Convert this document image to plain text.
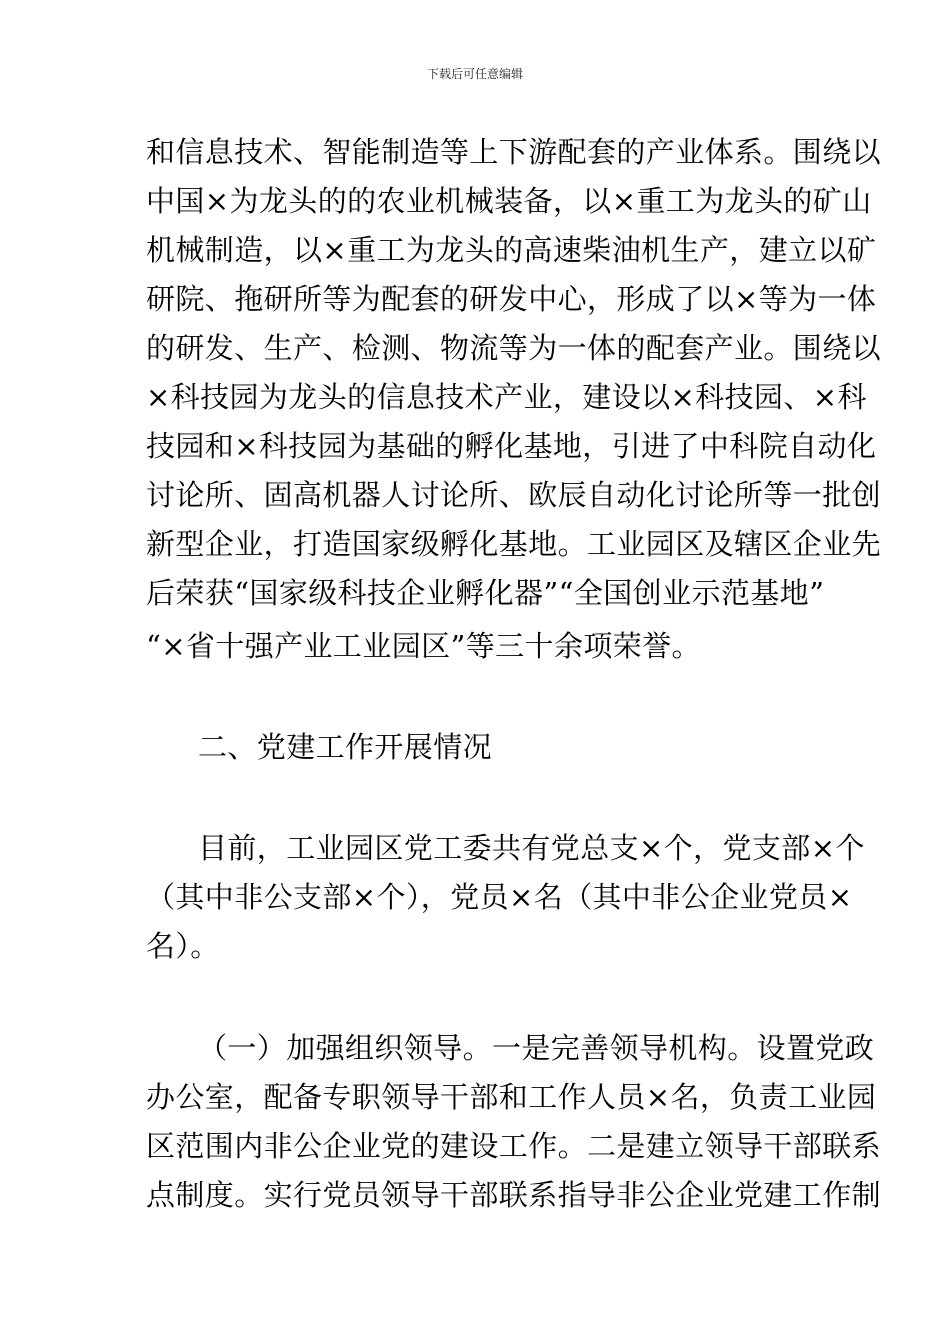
下载后可任意编辑
和信息技术、智能制造等上下游配套的产业体系。围绕以
中国×为龙头的的农业机械装备，以×重工为龙头的矿山
机械制造，以×重工为龙头的高速柴油机生产，建立以矿
研院、拖研所等为配套的研发中心，形成了以×等为一体
的研发、生产、检测、物流等为一体的配套产业。围绕以
×科技园为龙头的信息技术产业，建设以×科技园、×科
技园和×科技园为基础的孵化基地，引进了中科院自动化
讨论所、固高机器人讨论所、欧辰自动化讨论所等一批创
新型企业，打造国家级孵化基地。工业园区及辖区企业先
后荣获“国家级科技企业孵化器”“全国创业示范基地”
“×省十强产业工业园区”等三十余项荣誉。
二、党建工作开展情况
目前，工业园区党工委共有党总支×个，党支部×个
（其中非公支部×个），党员×名（其中非公企业党员×
名）。
（一）加强组织领导。一是完善领导机构。设置党政
办公室，配备专职领导干部和工作人员×名，负责工业园
区范围内非公企业党的建设工作。二是建立领导干部联系
点制度。实行党员领导干部联系指导非公企业党建工作制
